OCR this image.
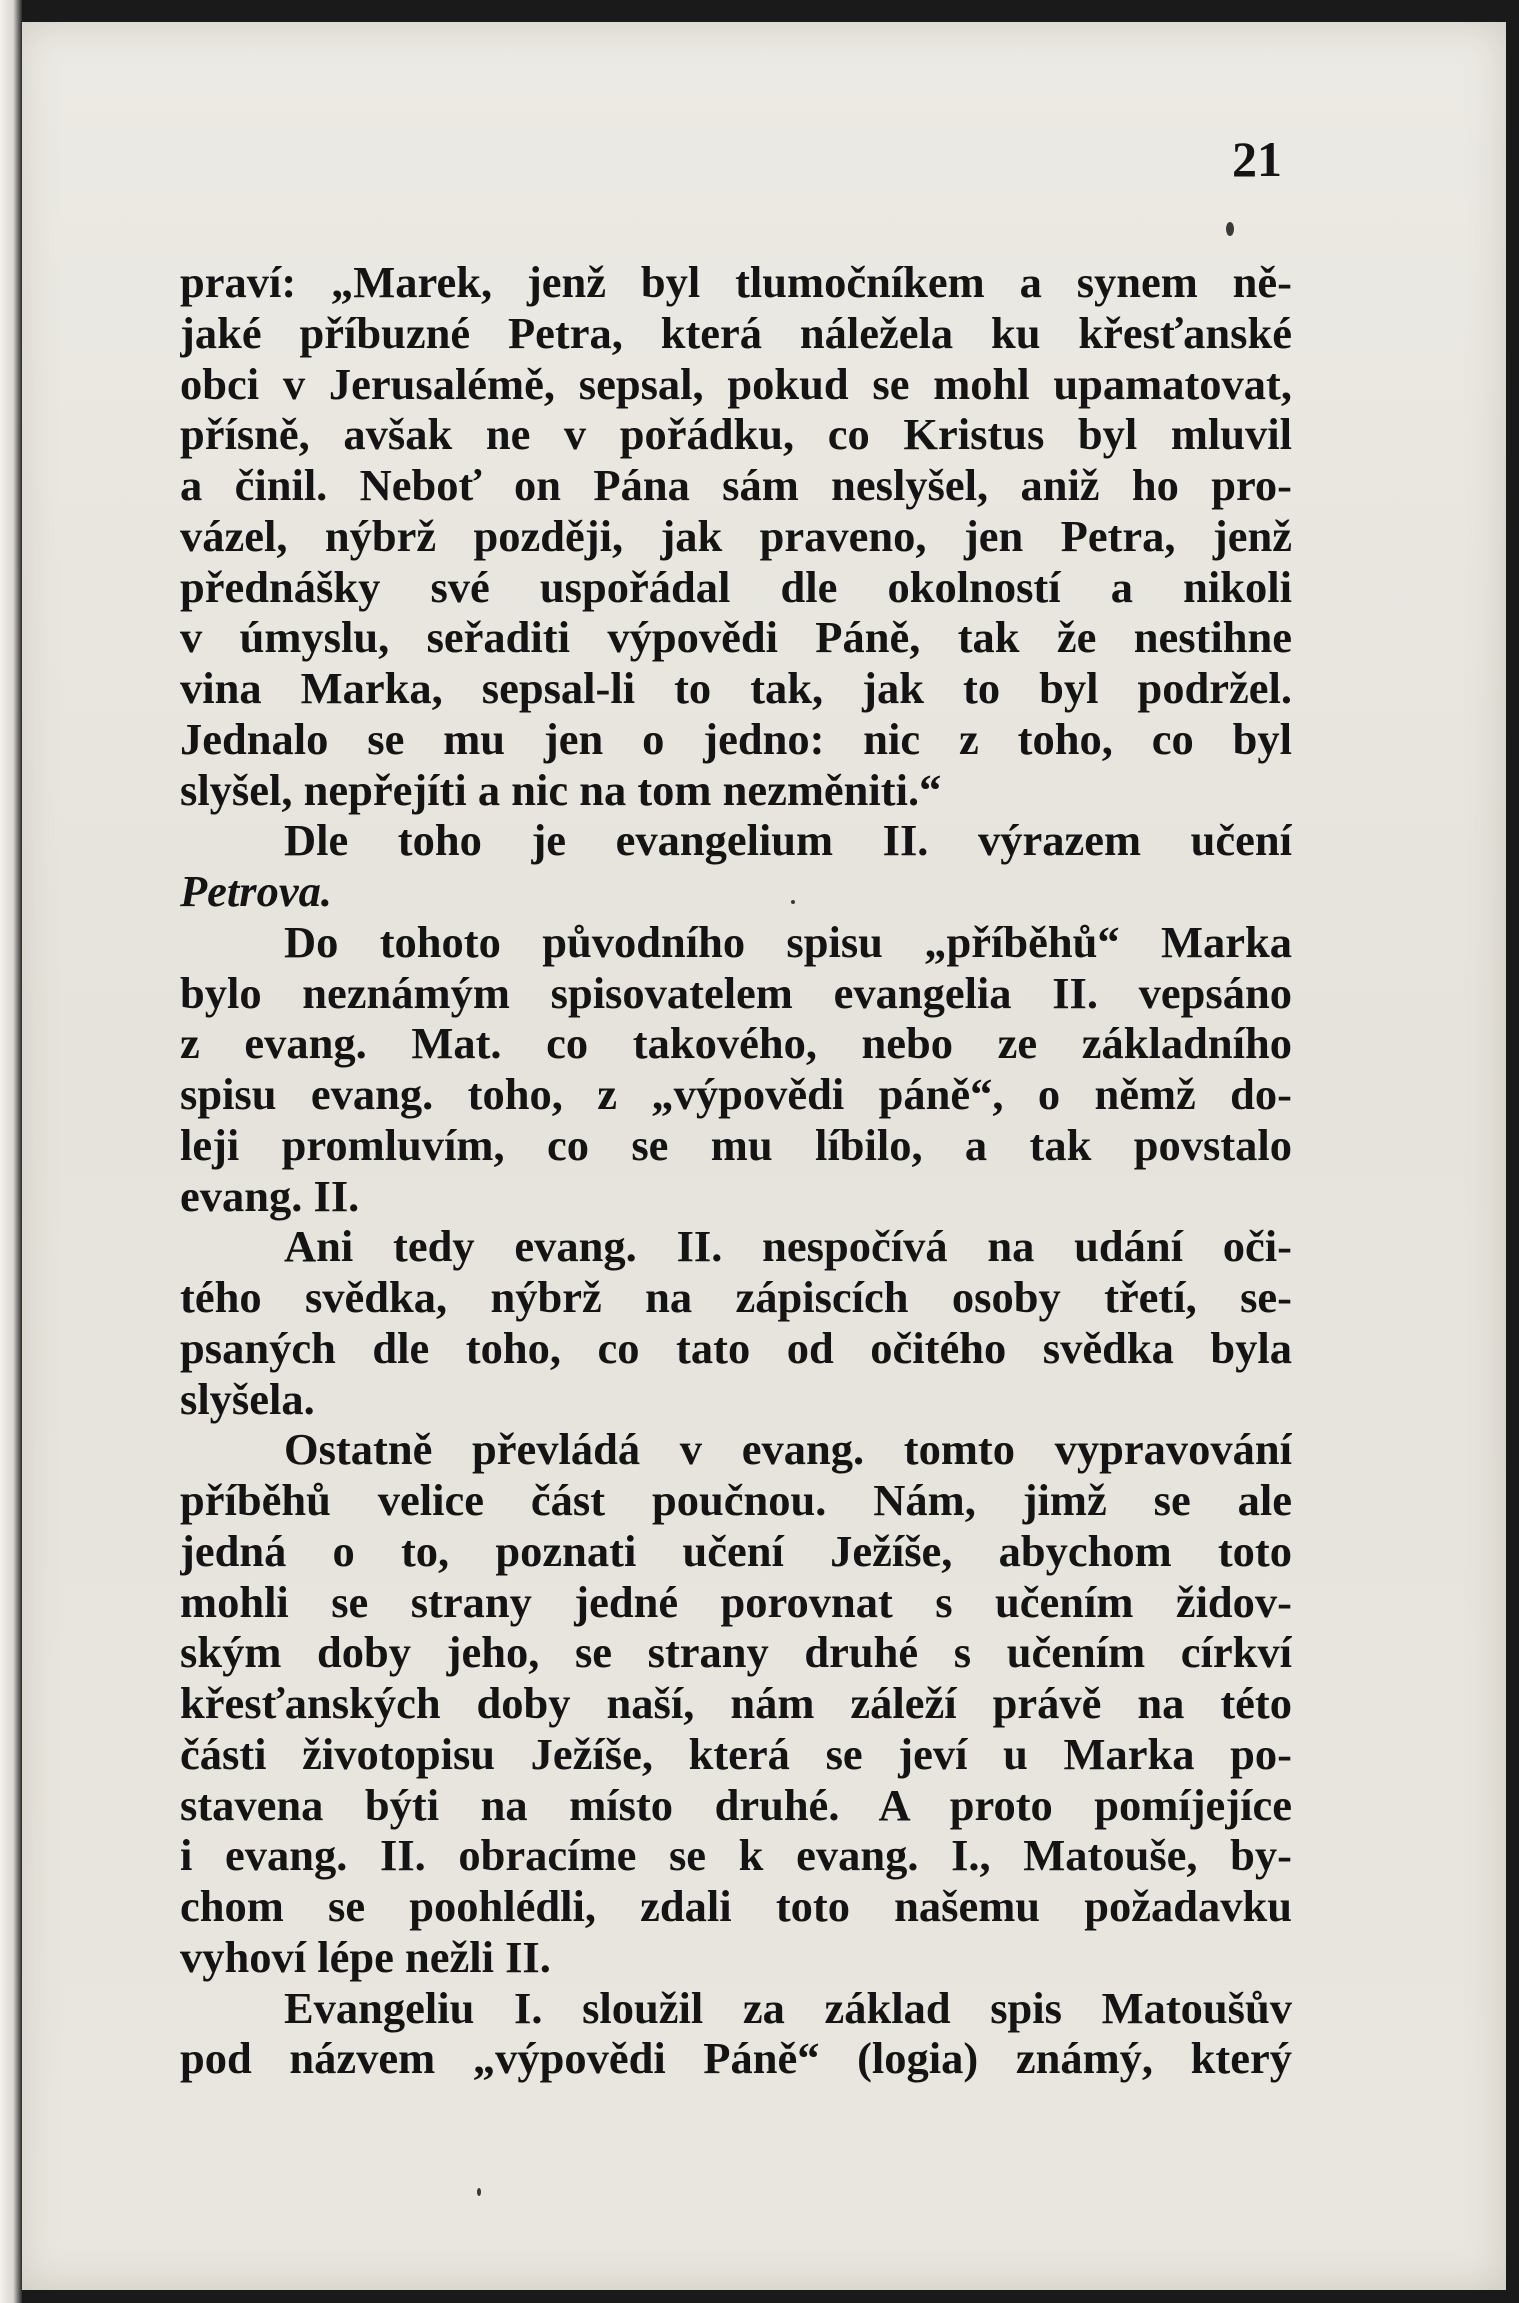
21

praví: „Marek, jenž byl tlumočníkem a synem ně-
jaké příbuzné Petra, která náležela ku křesťanské
obci v Jerusalémě, sepsal, pokud se mohl upamatovat,
přísně, avšak ne v pořádku, co Kristus byl mluvil
a činil. Neboť on Pána sám neslyšel, aniž ho pro-
vázel, nýbrž později, jak praveno, jen Petra, jenž
přednášky své uspořádal dle okolností a nikoli
v úmyslu, seřaditi výpovědi Páně, tak že nestihne
vina Marka, sepsal-li to tak, jak to byl podržel.
Jednalo se mu jen o jedno: nic z toho, co byl
slyšel, nepřejíti a nic na tom nezměniti.“
Dle toho je evangelium II. výrazem učení
Petrova.
Do tohoto původního spisu „příběhů“ Marka
bylo neznámým spisovatelem evangelia II. vepsáno
z evang. Mat. co takového, nebo ze základního
spisu evang. toho, z „výpovědi páně“, o němž do-
leji promluvím, co se mu líbilo, a tak povstalo
evang. II.
Ani tedy evang. II. nespočívá na udání oči-
tého svědka, nýbrž na zápiscích osoby třetí, se-
psaných dle toho, co tato od očitého svědka byla
slyšela.
Ostatně převládá v evang. tomto vypravování
příběhů velice část poučnou. Nám, jimž se ale
jedná o to, poznati učení Ježíše, abychom toto
mohli se strany jedné porovnat s učením židov-
ským doby jeho, se strany druhé s učením církví
křesťanských doby naší, nám záleží právě na této
části životopisu Ježíše, která se jeví u Marka po-
stavena býti na místo druhé. A proto pomíjejíce
i evang. II. obracíme se k evang. I., Matouše, by-
chom se poohlédli, zdali toto našemu požadavku
vyhoví lépe nežli II.
Evangeliu I. sloužil za základ spis Matoušův
pod názvem „výpovědi Páně“ (logia) známý, který
